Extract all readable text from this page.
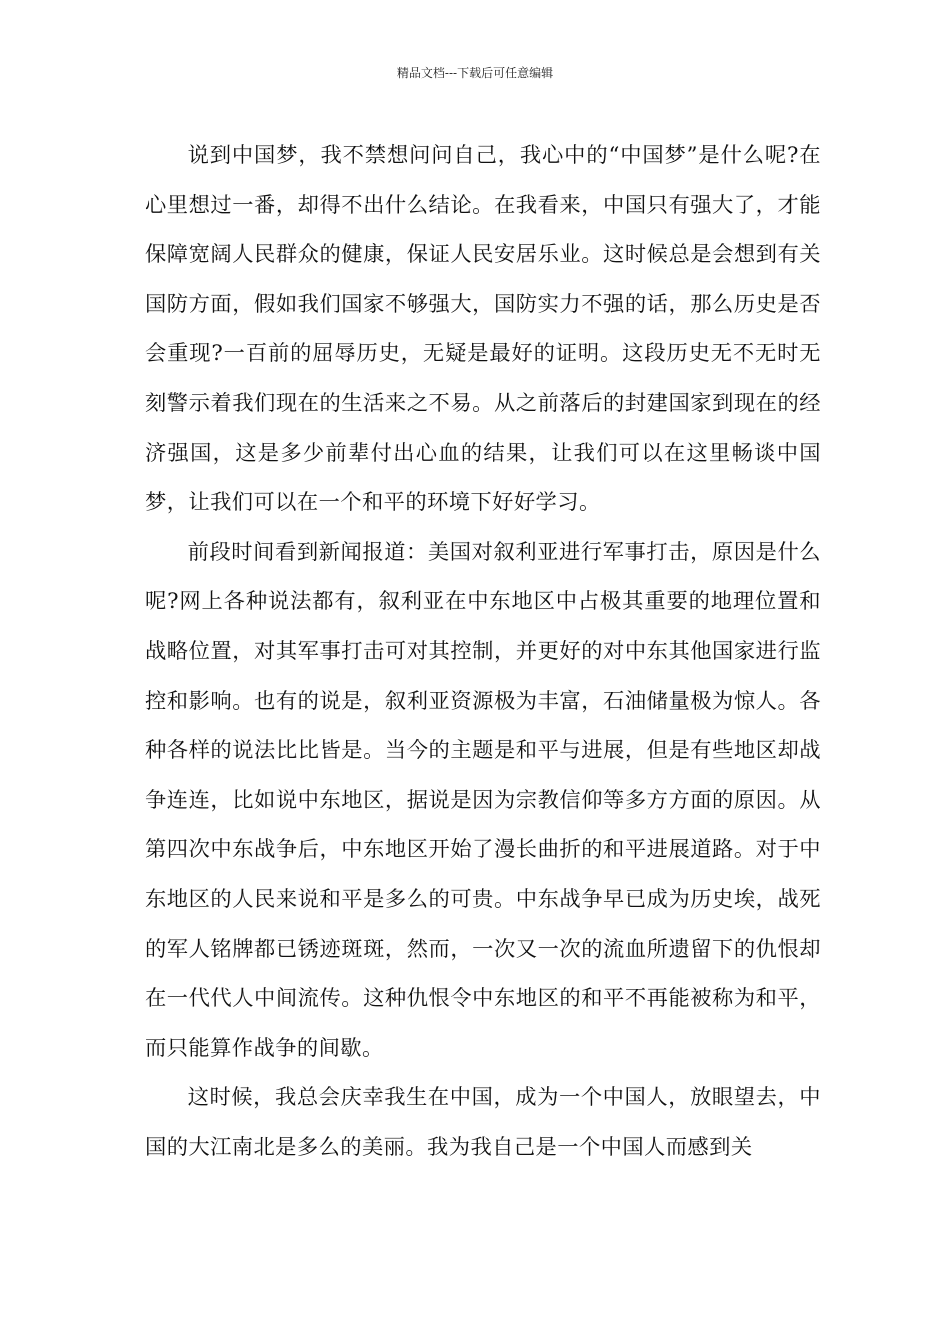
精品文档---下载后可任意编辑

说到中国梦，我不禁想问问自己，我心中的“中国梦”是什么呢?在心里想过一番，却得不出什么结论。在我看来，中国只有强大了，才能保障宽阔人民群众的健康，保证人民安居乐业。这时候总是会想到有关国防方面，假如我们国家不够强大，国防实力不强的话，那么历史是否会重现?一百前的屈辱历史，无疑是最好的证明。这段历史无不无时无刻警示着我们现在的生活来之不易。从之前落后的封建国家到现在的经济强国，这是多少前辈付出心血的结果，让我们可以在这里畅谈中国梦，让我们可以在一个和平的环境下好好学习。

前段时间看到新闻报道：美国对叙利亚进行军事打击，原因是什么呢?网上各种说法都有，叙利亚在中东地区中占极其重要的地理位置和战略位置，对其军事打击可对其控制，并更好的对中东其他国家进行监控和影响。也有的说是，叙利亚资源极为丰富，石油储量极为惊人。各种各样的说法比比皆是。当今的主题是和平与进展，但是有些地区却战争连连，比如说中东地区，据说是因为宗教信仰等多方方面的原因。从第四次中东战争后，中东地区开始了漫长曲折的和平进展道路。对于中东地区的人民来说和平是多么的可贵。中东战争早已成为历史埃，战死的军人铭牌都已锈迹斑斑，然而，一次又一次的流血所遗留下的仇恨却在一代代人中间流传。这种仇恨令中东地区的和平不再能被称为和平，而只能算作战争的间歇。

这时候，我总会庆幸我生在中国，成为一个中国人，放眼望去，中国的大江南北是多么的美丽。我为我自己是一个中国人而感到关
